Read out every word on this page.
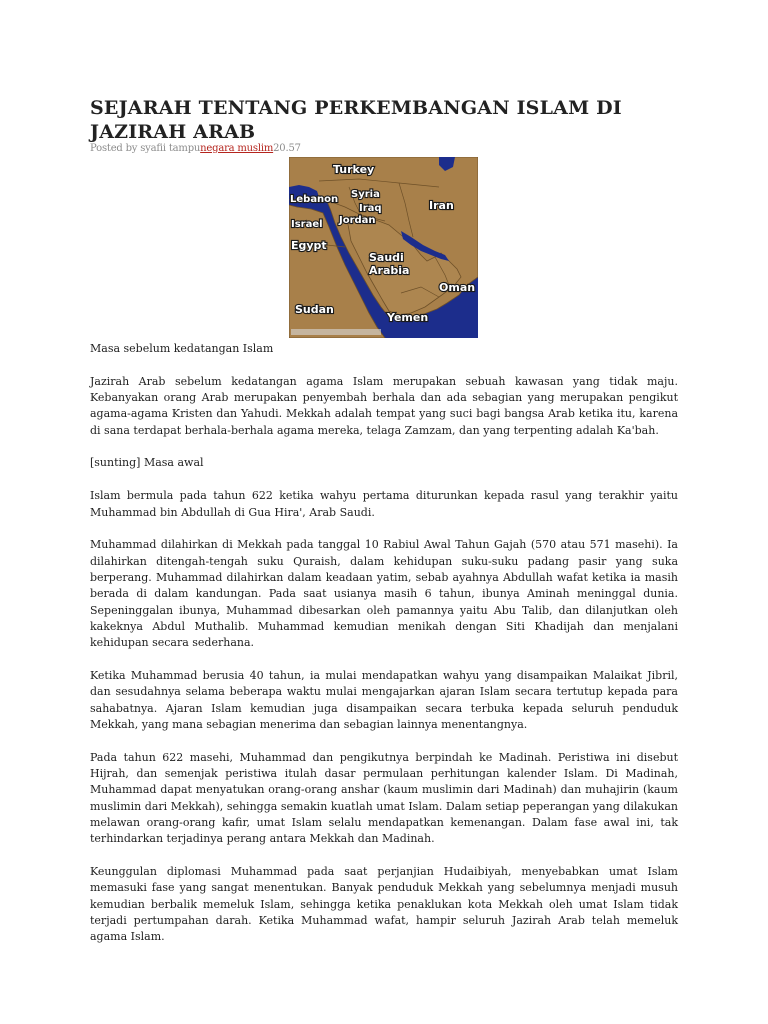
SEJARAH TENTANG PERKEMBANGAN ISLAM DI JAZIRAH ARAB
Posted by syafii tampunegara muslim20.57
Turkey
Lebanon Syria
Iraq
Israel Jordan
Iran
Egypt
Saudi
Arabia
Oman
Sudan
Yemen

Masa sebelum kedatangan Islam

Jazirah Arab sebelum kedatangan agama Islam merupakan sebuah kawasan yang tidak maju. Kebanyakan orang Arab merupakan penyembah berhala dan ada sebagian yang merupakan pengikut agama-agama Kristen dan Yahudi. Mekkah adalah tempat yang suci bagi bangsa Arab ketika itu, karena di sana terdapat berhala-berhala agama mereka, telaga Zamzam, dan yang terpenting adalah Ka'bah.

[sunting] Masa awal

Islam bermula pada tahun 622 ketika wahyu pertama diturunkan kepada rasul yang terakhir yaitu Muhammad bin Abdullah di Gua Hira', Arab Saudi.

Muhammad dilahirkan di Mekkah pada tanggal 10 Rabiul Awal Tahun Gajah (570 atau 571 masehi). Ia dilahirkan ditengah-tengah suku Quraish, dalam kehidupan suku-suku padang pasir yang suka berperang. Muhammad dilahirkan dalam keadaan yatim, sebab ayahnya Abdullah wafat ketika ia masih berada di dalam kandungan. Pada saat usianya masih 6 tahun, ibunya Aminah meninggal dunia. Sepeninggalan ibunya, Muhammad dibesarkan oleh pamannya yaitu Abu Talib, dan dilanjutkan oleh kakeknya Abdul Muthalib. Muhammad kemudian menikah dengan Siti Khadijah dan menjalani kehidupan secara sederhana.

Ketika Muhammad berusia 40 tahun, ia mulai mendapatkan wahyu yang disampaikan Malaikat Jibril, dan sesudahnya selama beberapa waktu mulai mengajarkan ajaran Islam secara tertutup kepada para sahabatnya. Ajaran Islam kemudian juga disampaikan secara terbuka kepada seluruh penduduk Mekkah, yang mana sebagian menerima dan sebagian lainnya menentangnya.

Pada tahun 622 masehi, Muhammad dan pengikutnya berpindah ke Madinah. Peristiwa ini disebut Hijrah, dan semenjak peristiwa itulah dasar permulaan perhitungan kalender Islam. Di Madinah, Muhammad dapat menyatukan orang-orang anshar (kaum muslimin dari Madinah) dan muhajirin (kaum muslimin dari Mekkah), sehingga semakin kuatlah umat Islam. Dalam setiap peperangan yang dilakukan melawan orang-orang kafir, umat Islam selalu mendapatkan kemenangan. Dalam fase awal ini, tak terhindarkan terjadinya perang antara Mekkah dan Madinah.

Keunggulan diplomasi Muhammad pada saat perjanjian Hudaibiyah, menyebabkan umat Islam memasuki fase yang sangat menentukan. Banyak penduduk Mekkah yang sebelumnya menjadi musuh kemudian berbalik memeluk Islam, sehingga ketika penaklukan kota Mekkah oleh umat Islam tidak terjadi pertumpahan darah. Ketika Muhammad wafat, hampir seluruh Jazirah Arab telah memeluk agama Islam.
